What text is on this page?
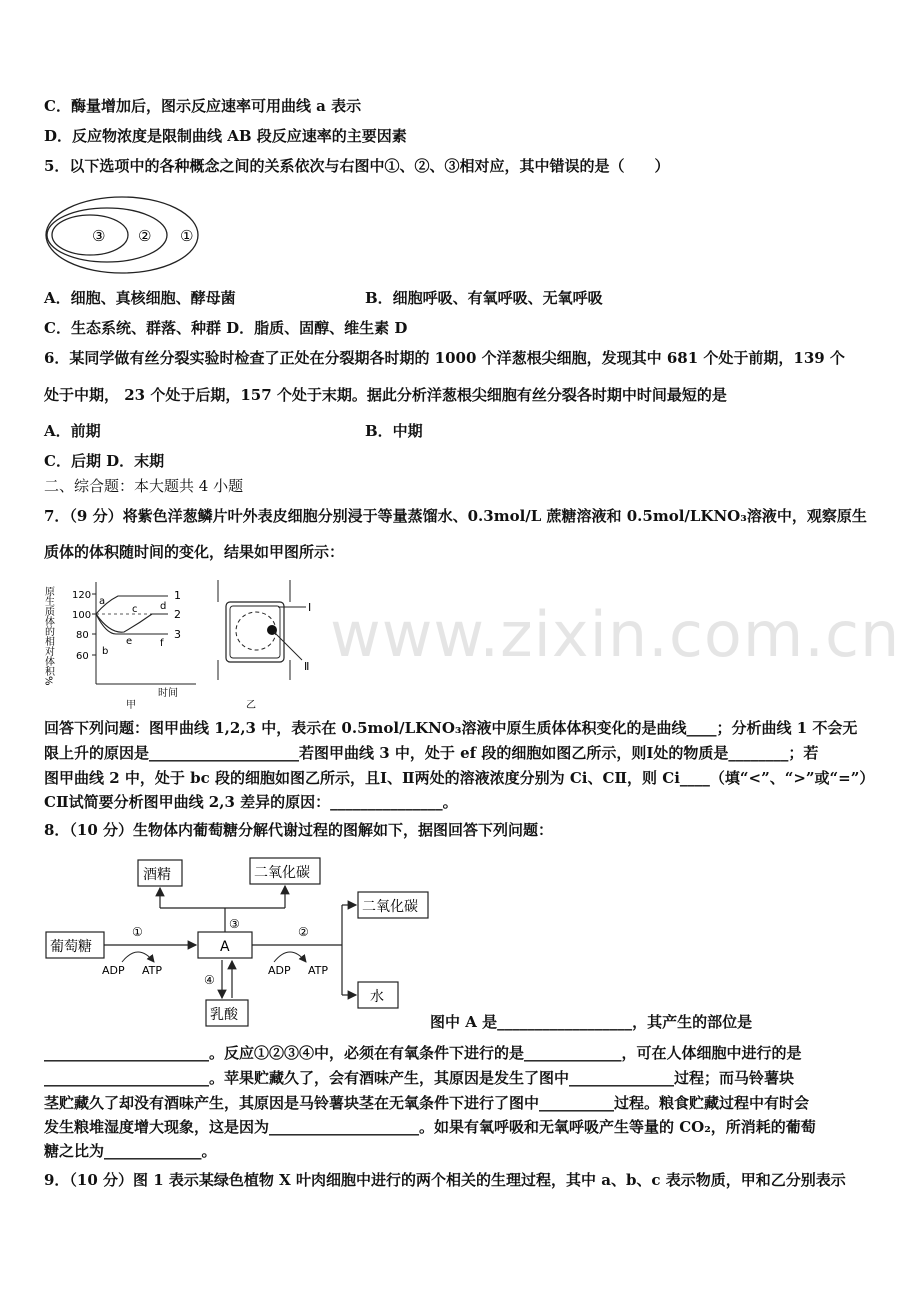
www.zixin.com.cn
C．酶量增加后，图示反应速率可用曲线 a 表示
D．反应物浓度是限制曲线 AB 段反应速率的主要因素
5．以下选项中的各种概念之间的关系依次与右图中①、②、③相对应，其中错误的是（　　）
③ ② ①
A．细胞、真核细胞、酵母菌	B．细胞呼吸、有氧呼吸、无氧呼吸
C．生态系统、群落、种群 D．脂质、固醇、维生素 D
6．某同学做有丝分裂实验时检查了正处在分裂期各时期的 1000 个洋葱根尖细胞，发现其中 681 个处于前期，139 个
处于中期， 23 个处于后期，157 个处于末期。据此分析洋葱根尖细胞有丝分裂各时期中时间最短的是
A．前期	B．中期
C．后期 D．末期
二、综合题：本大题共 4 小题
7．（9 分）将紫色洋葱鳞片叶外表皮细胞分别浸于等量蒸馏水、0.3mol/L 蔗糖溶液和 0.5mol/LKNO₃溶液中，观察原生
质体的体积随时间的变化，结果如甲图所示：
原生质体的相对体积% 120
100
80
60
1
2
3
a
b
c d
e	f
时间
甲
Ⅰ
Ⅱ
乙
回答下列问题：图甲曲线 1,2,3 中，表示在 0.5mol/LKNO₃溶液中原生质体体积变化的是曲线____；分析曲线 1 不会无
限上升的原因是____________________若图甲曲线 3 中，处于 ef 段的细胞如图乙所示，则Ⅰ处的物质是________；若
图甲曲线 2 中，处于 bc 段的细胞如图乙所示，且Ⅰ、Ⅱ两处的溶液浓度分别为 Cⅰ、CⅡ，则 Cⅰ____（填“<”、“>”或“=”）
CⅡ试简要分析图甲曲线 2,3 差异的原因：_______________。
8．（10 分）生物体内葡萄糖分解代谢过程的图解如下，据图回答下列问题：
葡萄糖	A
酒精	二氧化碳
二氧化碳
水
乳酸
①
ADP ATP
③
②
ADP ATP
④
图中 A 是__________________，其产生的部位是
______________________。反应①②③④中，必须在有氧条件下进行的是_____________，可在人体细胞中进行的是
______________________。苹果贮藏久了，会有酒味产生，其原因是发生了图中______________过程；而马铃薯块
茎贮藏久了却没有酒味产生，其原因是马铃薯块茎在无氧条件下进行了图中__________过程。粮食贮藏过程中有时会
发生粮堆湿度增大现象，这是因为____________________。如果有氧呼吸和无氧呼吸产生等量的 CO₂，所消耗的葡萄
糖之比为_____________。
9．（10 分）图 1 表示某绿色植物 X 叶肉细胞中进行的两个相关的生理过程，其中 a、b、c 表示物质，甲和乙分别表示
